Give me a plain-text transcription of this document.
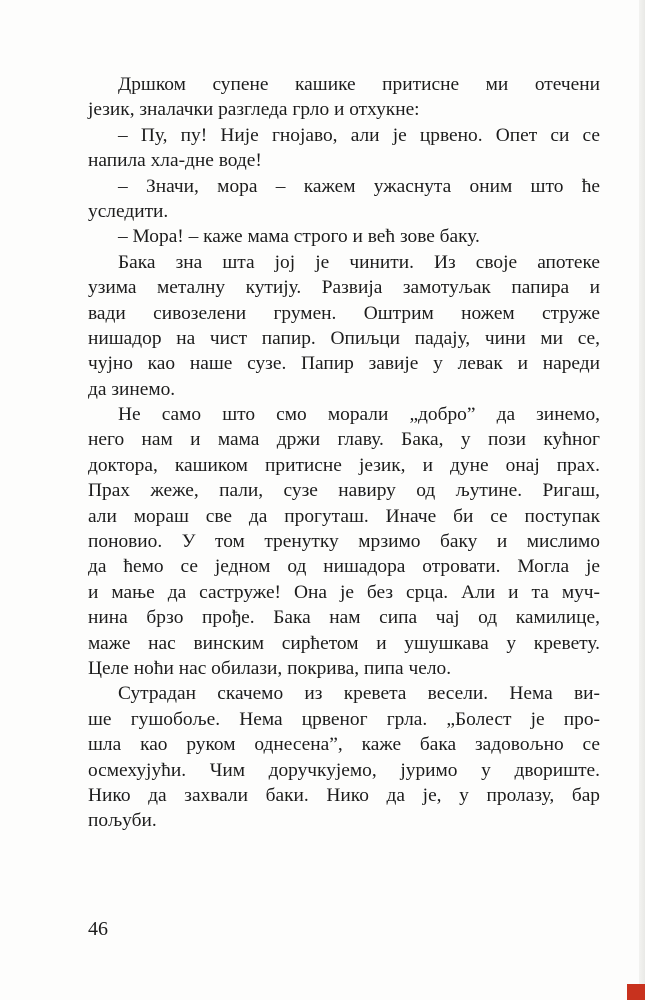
Дршком супене кашике притисне ми отечени
језик, зналачки разгледа грло и отхукне:

– Пу, пу! Није гнојаво, али је црвено. Опет си се
напила хла-дне воде!

– Значи, мора – кажем ужаснута оним што ће
уследити.

– Мора! – каже мама строго и већ зове баку.

Бака зна шта јој је чинити. Из своје апотеке
узима металну кутију. Развија замотуљак папира и
вади сивозелени грумен. Оштрим ножем струже
нишадор на чист папир. Опиљци падају, чини ми се,
чујно као наше сузе. Папир завије у левак и нареди
да зинемо.

Не само што смо морали „добро” да зинемо,
него нам и мама држи главу. Бака, у пози кућног
доктора, кашиком притисне језик, и дуне онај прах.
Прах жеже, пали, сузе навиру од љутине. Ригаш,
али мораш све да прогуташ. Иначе би се поступак
поновио. У том тренутку мрзимо баку и мислимо
да ћемо се једном од нишадора отровати. Могла је
и мање да саструже! Она је без срца. Али и та муч-
нина брзо прође. Бака нам сипа чај од камилице,
маже нас винским сирћетом и ушушкава у кревету.
Целе ноћи нас обилази, покрива, пипа чело.

Сутрадан скачемо из кревета весели. Нема ви-
ше гушобоље. Нема црвеног грла. „Болест је про-
шла као руком однесена”, каже бака задовољно се
осмехујући. Чим доручкујемо, јуримо у двориште.
Нико да захвали баки. Нико да је, у пролазу, бар
пољуби.

46
